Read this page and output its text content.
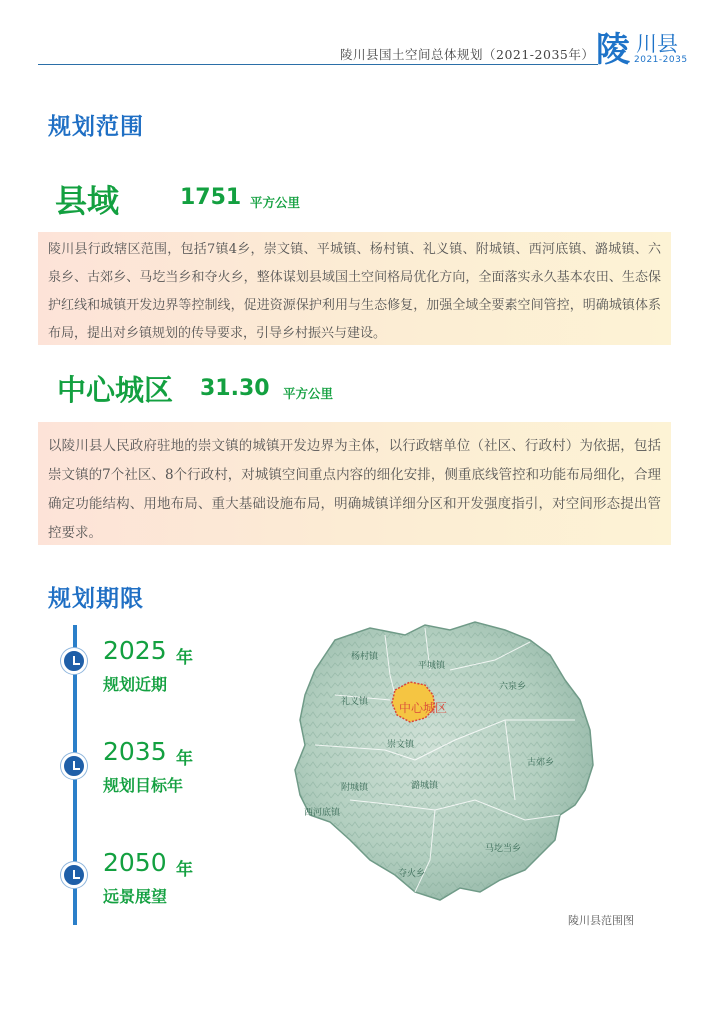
陵川县国土空间总体规划（2021-2035年） 陵 川县
2021-2035
规划范围
县域	1751 平方公里
陵川县行政辖区范围，包括7镇4乡，崇文镇、平城镇、杨村镇、礼义镇、附城镇、西河底镇、潞城镇、六泉乡、古郊乡、马圪当乡和夺火乡，整体谋划县域国土空间格局优化方向，全面落实永久基本农田、生态保护红线和城镇开发边界等控制线，促进资源保护利用与生态修复，加强全域全要素空间管控，明确城镇体系布局，提出对乡镇规划的传导要求，引导乡村振兴与建设。
中心城区 31.30 平方公里
以陵川县人民政府驻地的崇文镇的城镇开发边界为主体，以行政辖单位（社区、行政村）为依据，包括崇文镇的7个社区、8个行政村，对城镇空间重点内容的细化安排，侧重底线管控和功能布局细化，合理确定功能结构、用地布局、重大基础设施布局，明确城镇详细分区和开发强度指引，对空间形态提出管控要求。
规划期限
2025 年
规划近期
2035 年
规划目标年
2050 年
远景展望
中心城区
杨村镇
平城镇
六泉乡
礼义镇
崇文镇
古郊乡
附城镇	潞城镇
西河底镇
马圪当乡
夺火乡
陵川县范围图
